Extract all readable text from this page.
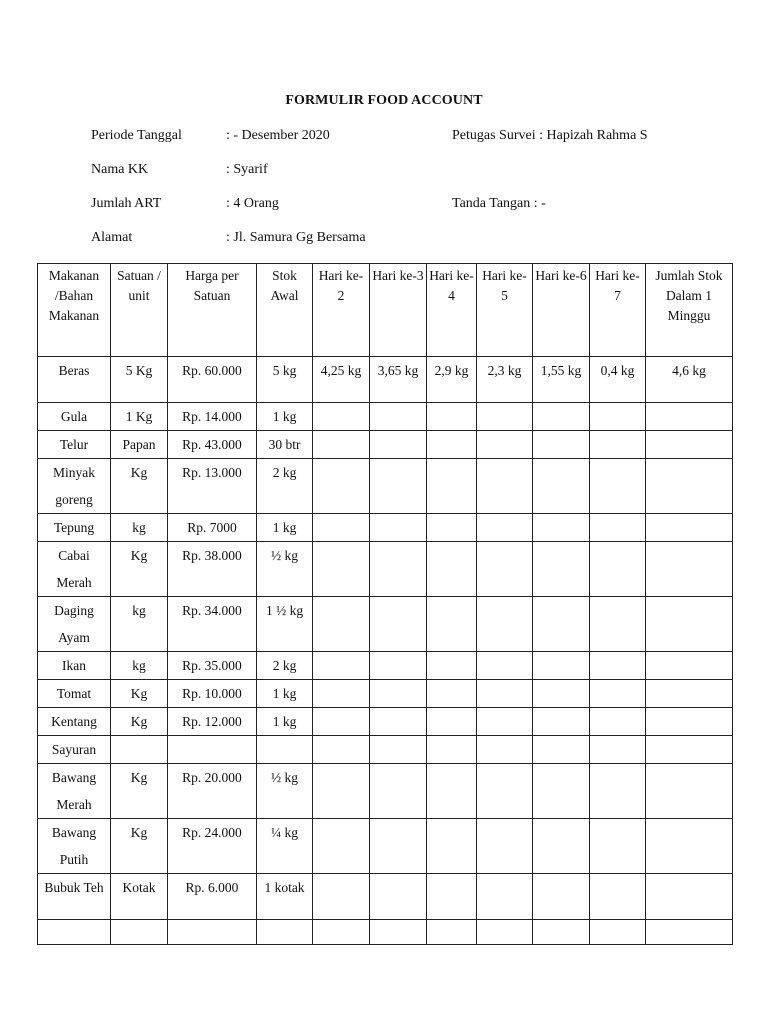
FORMULIR FOOD ACCOUNT
Periode Tanggal	: - Desember 2020	Petugas Survei : Hapizah Rahma S
Nama KK	: Syarif
Jumlah ART	: 4 Orang	Tanda Tangan : -
Alamat	: Jl. Samura Gg Bersama
Makanan /Bahan Makanan	Satuan / unit	Harga per Satuan	Stok Awal	Hari ke- 2	Hari ke-3	Hari ke-4	Hari ke-5	Hari ke-6	Hari ke-7	Jumlah Stok Dalam 1 Minggu
Beras	5 Kg	Rp. 60.000	5 kg	4,25 kg	3,65 kg	2,9 kg	2,3 kg	1,55 kg	0,4 kg	4,6 kg
Gula	1 Kg	Rp. 14.000	1 kg							
Telur	Papan	Rp. 43.000	30 btr							
Minyak goreng	Kg	Rp. 13.000	2 kg							
Tepung	kg	Rp. 7000	1 kg							
Cabai Merah	Kg	Rp. 38.000	½ kg							
Daging Ayam	kg	Rp. 34.000	1 ½ kg							
Ikan	kg	Rp. 35.000	2 kg							
Tomat	Kg	Rp. 10.000	1 kg							
Kentang	Kg	Rp. 12.000	1 kg							
Sayuran										
Bawang Merah	Kg	Rp. 20.000	½ kg							
Bawang Putih	Kg	Rp. 24.000	¼ kg							
Bubuk Teh	Kotak	Rp. 6.000	1 kotak							
